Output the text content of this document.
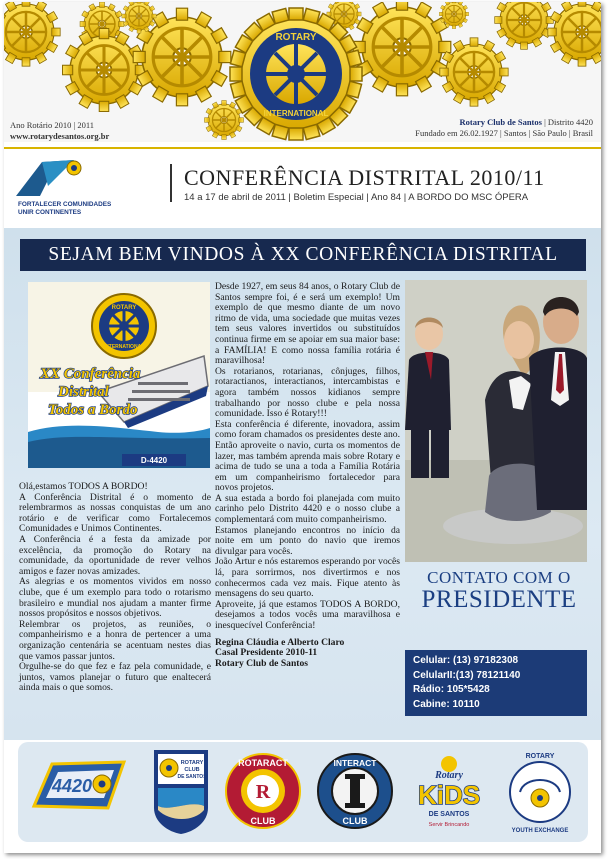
ROTARY
INTERNATIONAL
Ano Rotário 2010 | 2011
www.rotarydesantos.org.br
Rotary Club de Santos | Distrito 4420
Fundado em 26.02.1927 | Santos | São Paulo | Brasil
FORTALECER COMUNIDADES
UNIR CONTINENTES
CONFERÊNCIA DISTRITAL 2010/11
14 a 17 de abril de 2011 | Boletim Especial | Ano 84 | A BORDO DO MSC ÓPERA
SEJAM BEM VINDOS À XX CONFERÊNCIA DISTRITAL
ROTARY
INTERNATIONAL
XX Conferência
Distrital
Todos a Bordo
D-4420

Olá,estamos TODOS A BORDO!

A Conferência Distrital é o momento de relembrarmos as nossas conquistas de um ano rotário e de verificar como Fortalecemos Comunidades e Unimos Continentes.

A Conferência é a festa da amizade por excelência, da promoção do Rotary na comunidade, da oportunidade de rever velhos amigos e fazer novas amizades.

As alegrias e os momentos vividos em nosso clube, que é um exemplo para todo o rotarismo brasileiro e mundial nos ajudam a manter firme nossos propósitos e nossos objetivos.

Relembrar os projetos, as reuniões, o companheirismo e a honra de pertencer a uma organização centenária se acentuam nestes dias que vamos passar juntos.

Orgulhe-se do que fez e faz pela comunidade, e juntos, vamos planejar o futuro que enaltecerá ainda mais o que somos.

Desde 1927, em seus 84 anos, o Rotary Club de Santos sempre foi, é e será um exemplo! Um exemplo de que mesmo diante de um novo ritmo de vida, uma sociedade que muitas vezes tem seus valores invertidos ou substituídos continua firme em se apoiar em sua maior base: a FAMÍLIA! E como nossa família rotária é maravilhosa!

Os rotarianos, rotarianas, cônjuges, filhos, rotaractianos, interactianos, intercambistas e agora também nossos kidianos sempre trabalhando por nosso clube e pela nossa comunidade. Isso é Rotary!!!

Esta conferência é diferente, inovadora, assim como foram chamados os presidentes deste ano. Então aproveite o navio, curta os momentos de lazer, mas também aprenda mais sobre Rotary e acima de tudo se una a toda a Família Rotária em um companheirismo fortalecedor para novos projetos.

A sua estada a bordo foi planejada com muito carinho pelo Distrito 4420 e o nosso clube a complementará com muito companheirismo.

Estamos planejando encontros no início da noite em um ponto do navio que iremos divulgar para vocês.

João Artur e nós estaremos esperando por vocês lá, para sorrirmos, nos divertirmos e nos conhecermos cada vez mais. Fique atento às mensagens do seu quarto.

Aproveite, já que estamos TODOS A BORDO, desejamos a todos vocês uma maravilhosa e inesquecível Conferência!

Regina Cláudia e Alberto Claro

Casal Presidente 2010-11

Rotary Club de Santos

CONTATO COM O
PRESIDENTE
Celular: (13) 97182308
CelularII:(13) 78121140
Rádio: 105*5428
Cabine: 10110
4420
ROTARY
CLUB
DE SANTOS
R
ROTARACT
CLUB
INTERACT
CLUB
Rotary
KiDS
DE SANTOS
Servir Brincando
ROTARY
YOUTH EXCHANGE
